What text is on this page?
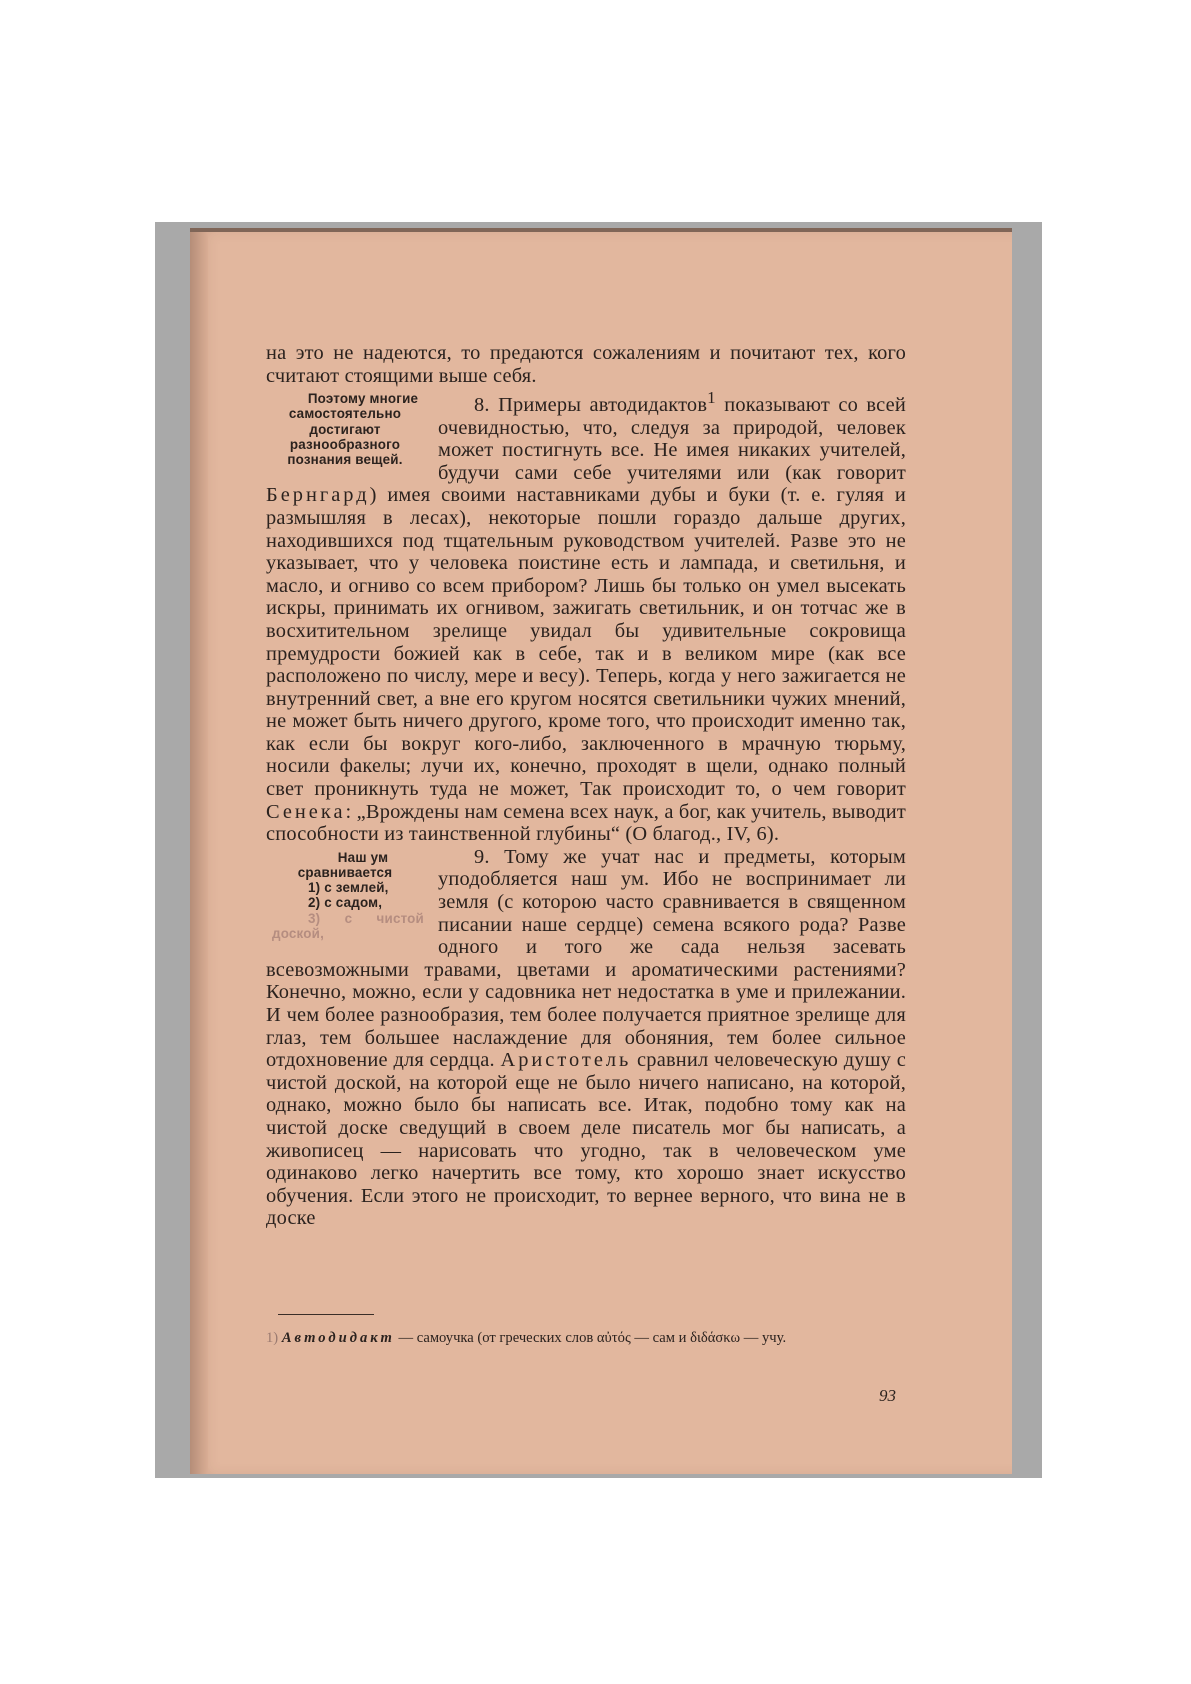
на это не надеются, то предаются сожалениям и почитают тех, кого считают стоящими выше себя.

Поэтому многие самостоятельно достигают разнообразного познания вещей.
8. Примеры автодидактов$^1$ показывают со всей очевидностью, что, следуя за природой, человек может постигнуть все. Не имея никаких учителей, будучи сами себе учителями или (как говорит Бернгард) имея своими наставниками дубы и буки (т. е. гуляя и размышляя в лесах), некоторые пошли гораздо дальше других, находившихся под тщательным руководством учителей. Разве это не указывает, что у человека поистине есть и лампада, и светильня, и масло, и огниво со всем прибором? Лишь бы только он умел высекать искры, принимать их огнивом, зажигать светильник, и он тотчас же в восхитительном зрелище увидал бы удивительные сокровища премудрости божией как в себе, так и в великом мире (как все расположено по числу, мере и весу). Теперь, когда у него зажигается не внутренний свет, а вне его кругом носятся светильники чужих мнений, не может быть ничего другого, кроме того, что происходит именно так, как если бы вокруг кого-либо, заключенного в мрачную тюрьму, носили факелы; лучи их, конечно, проходят в щели, однако полный свет проникнуть туда не может, Так происходит то, о чем говорит Сенека: „Врождены нам семена всех наук, а бог, как учитель, выводит способности из таинственной глубины“ (О благод., IV, 6).

Наш ум сравнивается
1) с землей,
2) с садом,
3) с чистой доской,
9. Тому же учат нас и предметы, которым уподобляется наш ум. Ибо не воспринимает ли земля (с которою часто сравнивается в священном писании наше сердце) семена всякого рода? Разве одного и того же сада нельзя засевать всевозможными травами, цветами и ароматическими растениями? Конечно, можно, если у садовника нет недостатка в уме и прилежании. И чем более разнообразия, тем более получается приятное зрелище для глаз, тем большее наслаждение для обоняния, тем более сильное отдохновение для сердца. Аристотель сравнил человеческую душу с чистой доской, на которой еще не было ничего написано, на которой, однако, можно было бы написать все. Итак, подобно тому как на чистой доске сведущий в своем деле писатель мог бы написать, а живописец — нарисовать что угодно, так в человеческом уме одинаково легко начертить все тому, кто хорошо знает искусство обучения. Если этого не происходит, то вернее верного, что вина не в доске

1) Автодидакт — самоучка (от греческих слов αὐτός — сам и διδάσκω — учу.
93
